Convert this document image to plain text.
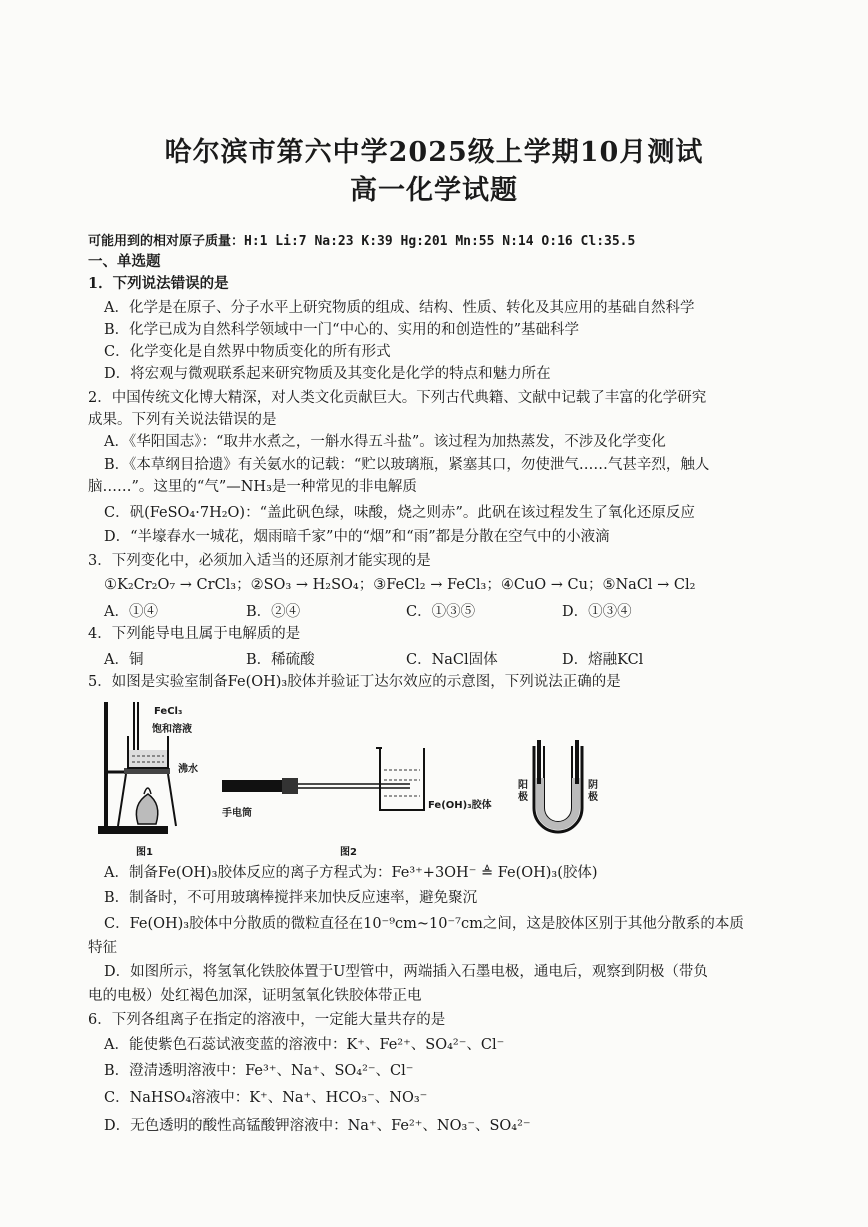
哈尔滨市第六中学2025级上学期10月测试
高一化学试题
可能用到的相对原子质量：H:1 Li:7 Na:23 K:39 Hg:201 Mn:55 N:14 O:16 Cl:35.5
一、单选题
1．下列说法错误的是
A．化学是在原子、分子水平上研究物质的组成、结构、性质、转化及其应用的基础自然科学
B．化学已成为自然科学领域中一门“中心的、实用的和创造性的”基础科学
C．化学变化是自然界中物质变化的所有形式
D．将宏观与微观联系起来研究物质及其变化是化学的特点和魅力所在
2．中国传统文化博大精深，对人类文化贡献巨大。下列古代典籍、文献中记载了丰富的化学研究
成果。下列有关说法错误的是
A．《华阳国志》：“取井水煮之，一斛水得五斗盐”。该过程为加热蒸发，不涉及化学变化
B．《本草纲目拾遗》有关氨水的记载：“贮以玻璃瓶，紧塞其口，勿使泄气……气甚辛烈，触人
脑……”。这里的“气”—NH₃是一种常见的非电解质
C．矾(FeSO₄·7H₂O)：“盖此矾色绿，味酸，烧之则赤”。此矾在该过程发生了氧化还原反应
D．“半壕春水一城花，烟雨暗千家”中的“烟”和“雨”都是分散在空气中的小液滴
3．下列变化中，必须加入适当的还原剂才能实现的是
①K₂Cr₂O₇ → CrCl₃；②SO₃ → H₂SO₄；③FeCl₂ → FeCl₃；④CuO → Cu；⑤NaCl → Cl₂
A．①④	B．②④	C．①③⑤	D．①③④
4．下列能导电且属于电解质的是
A．铜	B．稀硫酸	C．NaCl固体	D．熔融KCl
5．如图是实验室制备Fe(OH)₃胶体并验证丁达尔效应的示意图，下列说法正确的是
FeCl₃
饱和溶液
沸水
图1
手电筒
Fe(OH)₃胶体
图2
阳极
阴极
A．制备Fe(OH)₃胶体反应的离子方程式为：Fe³⁺+3OH⁻ ≜ Fe(OH)₃(胶体)
B．制备时，不可用玻璃棒搅拌来加快反应速率，避免聚沉
C．Fe(OH)₃胶体中分散质的微粒直径在10⁻⁹cm~10⁻⁷cm之间，这是胶体区别于其他分散系的本质
特征
D．如图所示，将氢氧化铁胶体置于U型管中，两端插入石墨电极，通电后，观察到阴极（带负
电的电极）处红褐色加深，证明氢氧化铁胶体带正电
6．下列各组离子在指定的溶液中，一定能大量共存的是
A．能使紫色石蕊试液变蓝的溶液中：K⁺、Fe²⁺、SO₄²⁻、Cl⁻
B．澄清透明溶液中：Fe³⁺、Na⁺、SO₄²⁻、Cl⁻
C．NaHSO₄溶液中：K⁺、Na⁺、HCO₃⁻、NO₃⁻
D．无色透明的酸性高锰酸钾溶液中：Na⁺、Fe²⁺、NO₃⁻、SO₄²⁻
